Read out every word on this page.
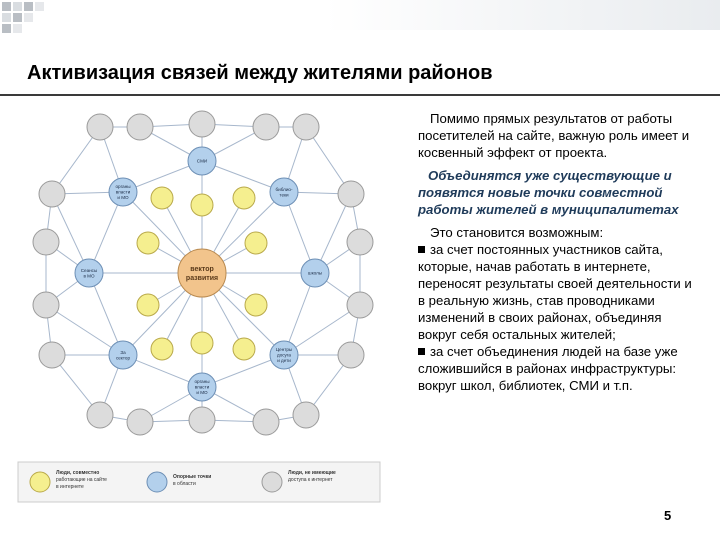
Активизация связей между жителями районов
вектор
развития
СМИ
органы власти и МО
библио-теки
Сеансы в МО
школы
За сектор
Центры досуга и дети
органы власти и МО
Люди, совместно работающие на сайте в интернете
Опорные точки в области
Люди, не имеющие доступа к интернет

Помимо прямых результатов от работы посетителей на сайте, важную роль имеет и косвенный эффект от проекта.

Объединятся уже существующие и появятся новые точки совместной работы жителей в муниципалитетах

Это становится возможным:

за счет постоянных участников сайта, которые, начав работать в интернете, переносят результаты своей деятельности и в реальную жизнь, став проводниками изменений в своих районах, объединяя вокруг себя остальных жителей;

за счет объединения людей на базе уже сложившийся в районах инфраструктуры: вокруг школ, библиотек, СМИ и т.п.

5
